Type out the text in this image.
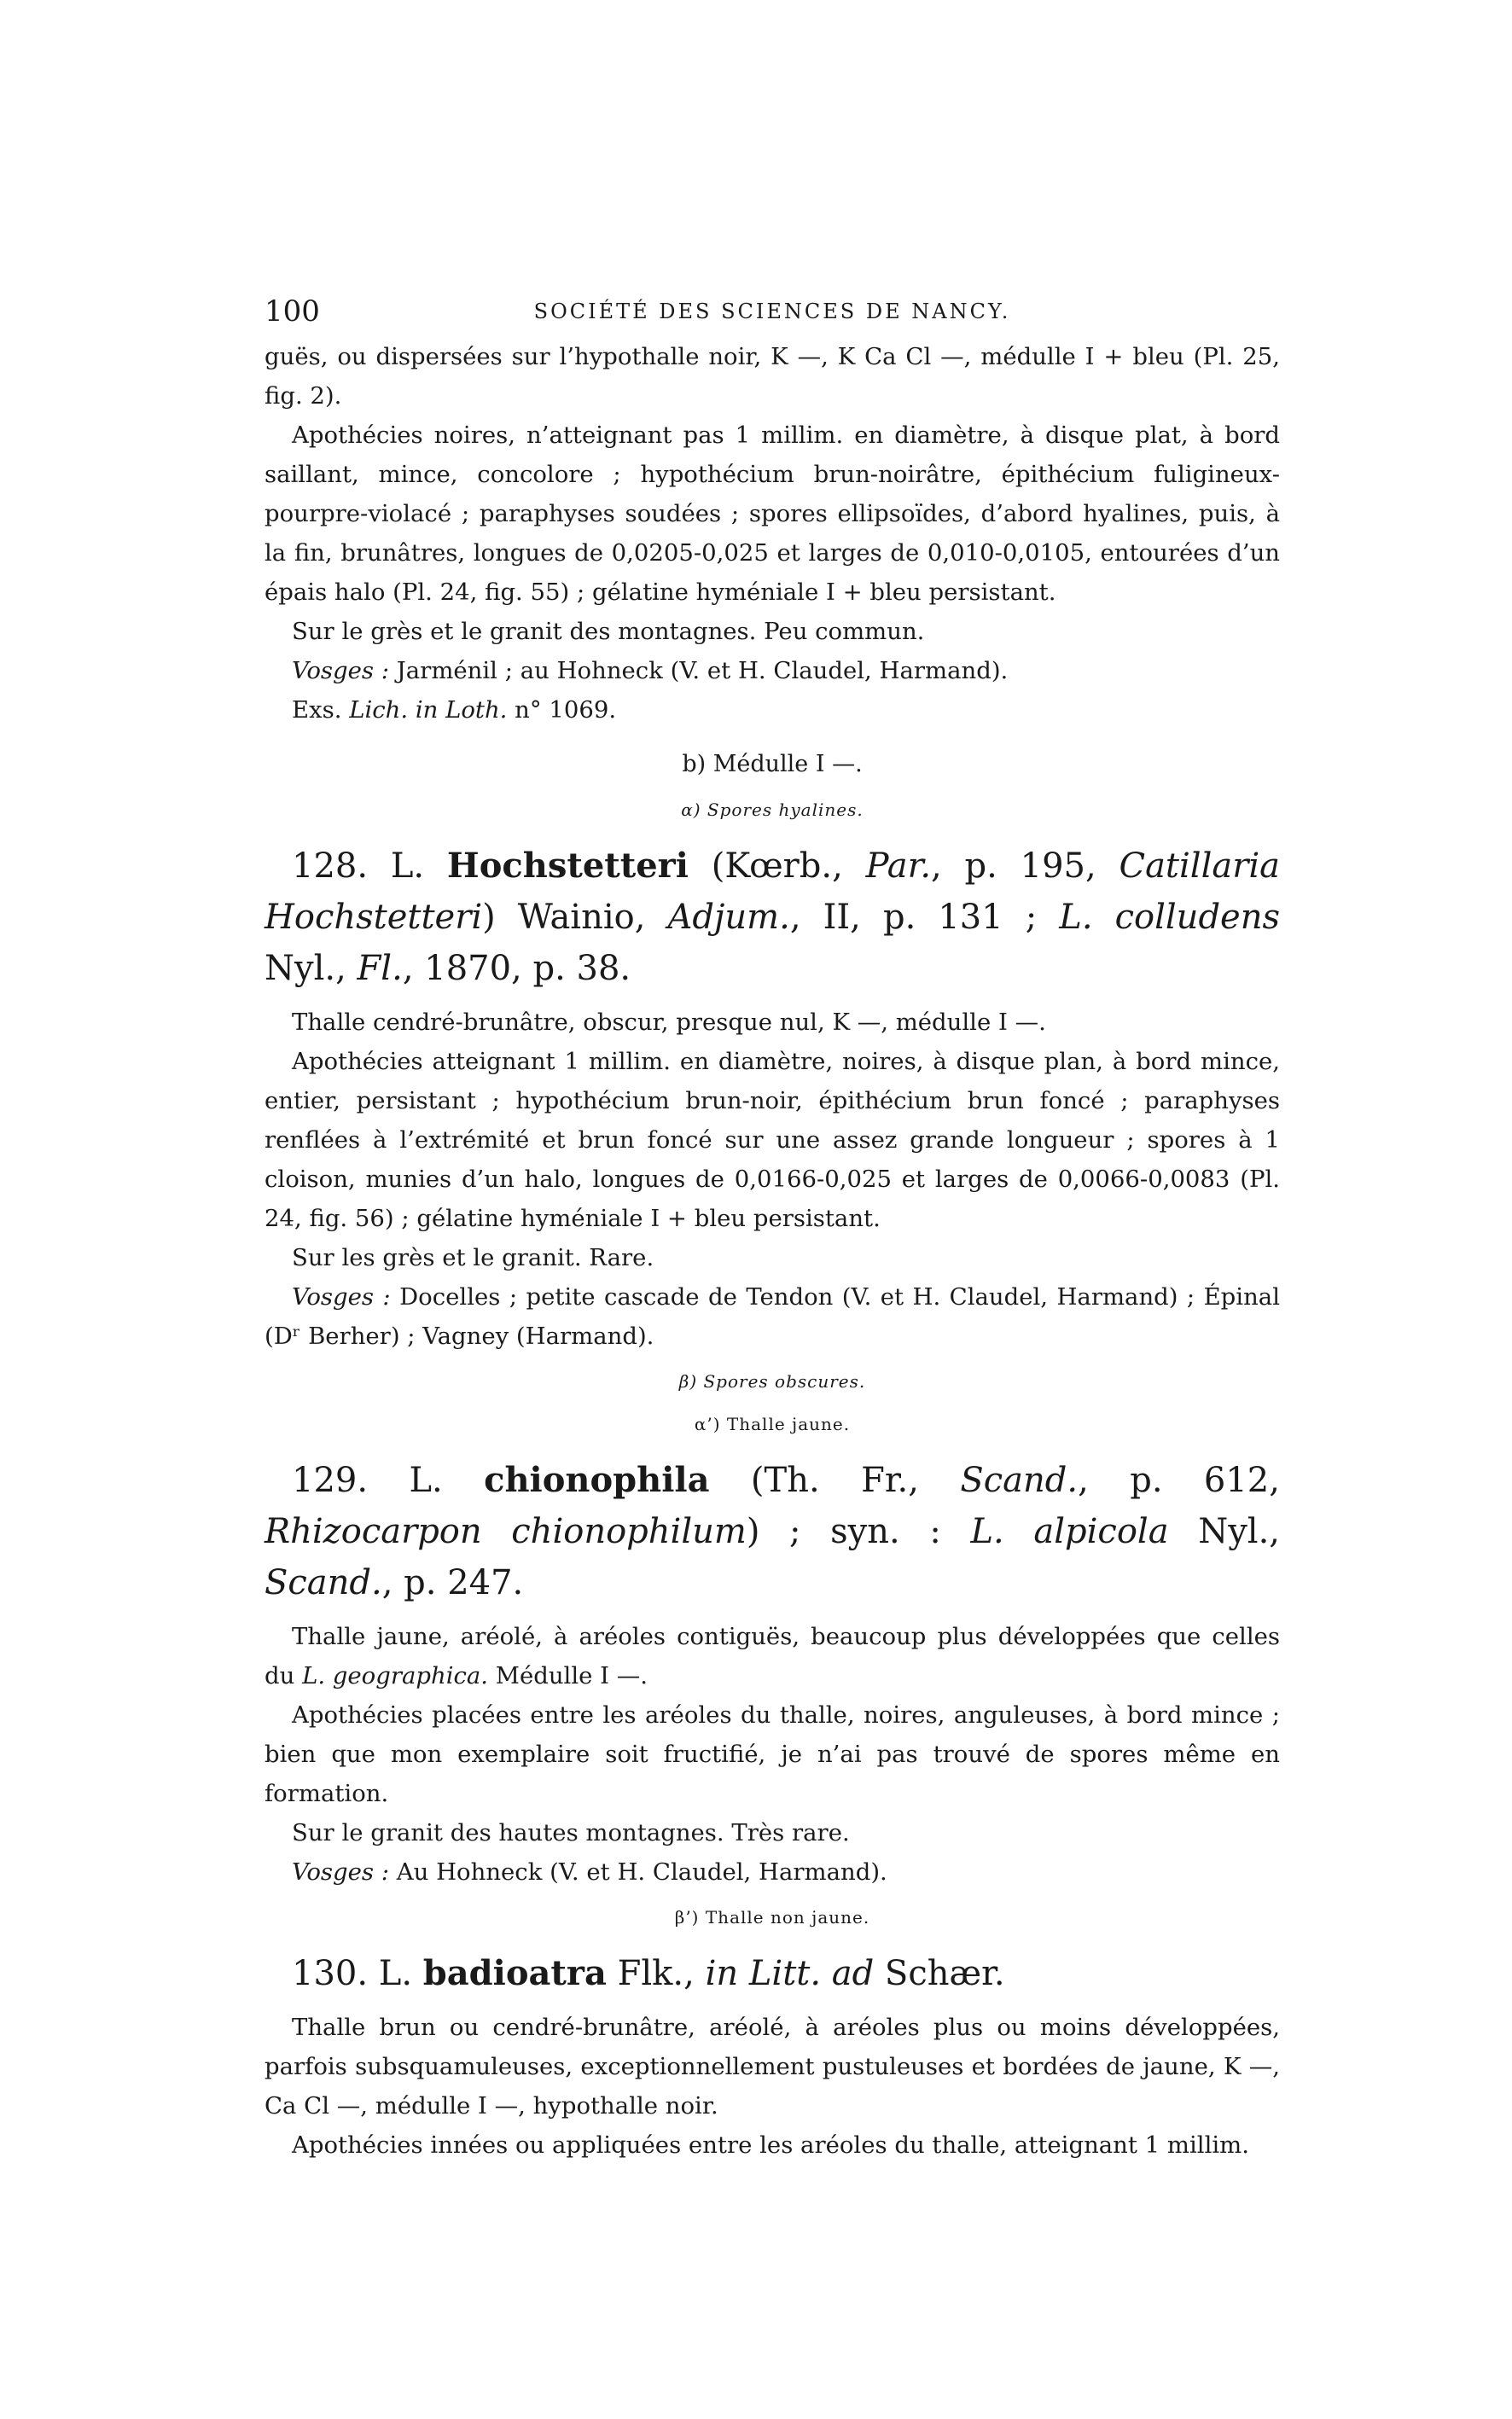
100	SOCIÉTÉ DES SCIENCES DE NANCY.

guës, ou dispersées sur l’hypothalle noir, K —, K Ca Cl —, médulle I + bleu (Pl. 25, fig. 2).

Apothécies noires, n’atteignant pas 1 millim. en diamètre, à disque plat, à bord saillant, mince, concolore ; hypothécium brun-noirâtre, épithécium fuligineux-pourpre-violacé ; paraphyses soudées ; spores ellipsoïdes, d’abord hyalines, puis, à la fin, brunâtres, longues de 0,0205-0,025 et larges de 0,010-0,0105, entourées d’un épais halo (Pl. 24, fig. 55) ; gélatine hyméniale I + bleu persistant.

Sur le grès et le granit des montagnes. Peu commun.

Vosges : Jarménil ; au Hohneck (V. et H. Claudel, Harmand).

Exs. Lich. in Loth. n° 1069.

b) Médulle I —.
α) Spores hyalines.
128. L. Hochstetteri (Kœrb., Par., p. 195, Catillaria Hochstetteri) Wainio, Adjum., II, p. 131 ; L. colludens Nyl., Fl., 1870, p. 38.

Thalle cendré-brunâtre, obscur, presque nul, K —, médulle I —.

Apothécies atteignant 1 millim. en diamètre, noires, à disque plan, à bord mince, entier, persistant ; hypothécium brun-noir, épithécium brun foncé ; paraphyses renflées à l’extrémité et brun foncé sur une assez grande longueur ; spores à 1 cloison, munies d’un halo, longues de 0,0166-0,025 et larges de 0,0066-0,0083 (Pl. 24, fig. 56) ; gélatine hyméniale I + bleu persistant.

Sur les grès et le granit. Rare.

Vosges : Docelles ; petite cascade de Tendon (V. et H. Claudel, Harmand) ; Épinal (Dʳ Berher) ; Vagney (Harmand).

β) Spores obscures.
α’) Thalle jaune.
129. L. chionophila (Th. Fr., Scand., p. 612, Rhizocarpon chionophilum) ; syn. : L. alpicola Nyl., Scand., p. 247.

Thalle jaune, aréolé, à aréoles contiguës, beaucoup plus développées que celles du L. geographica. Médulle I —.

Apothécies placées entre les aréoles du thalle, noires, anguleuses, à bord mince ; bien que mon exemplaire soit fructifié, je n’ai pas trouvé de spores même en formation.

Sur le granit des hautes montagnes. Très rare.

Vosges : Au Hohneck (V. et H. Claudel, Harmand).

β’) Thalle non jaune.
130. L. badioatra Flk., in Litt. ad Schær.

Thalle brun ou cendré-brunâtre, aréolé, à aréoles plus ou moins développées, parfois subsquamuleuses, exceptionnellement pustuleuses et bordées de jaune, K —, Ca Cl —, médulle I —, hypothalle noir.

Apothécies innées ou appliquées entre les aréoles du thalle, atteignant 1 millim.
